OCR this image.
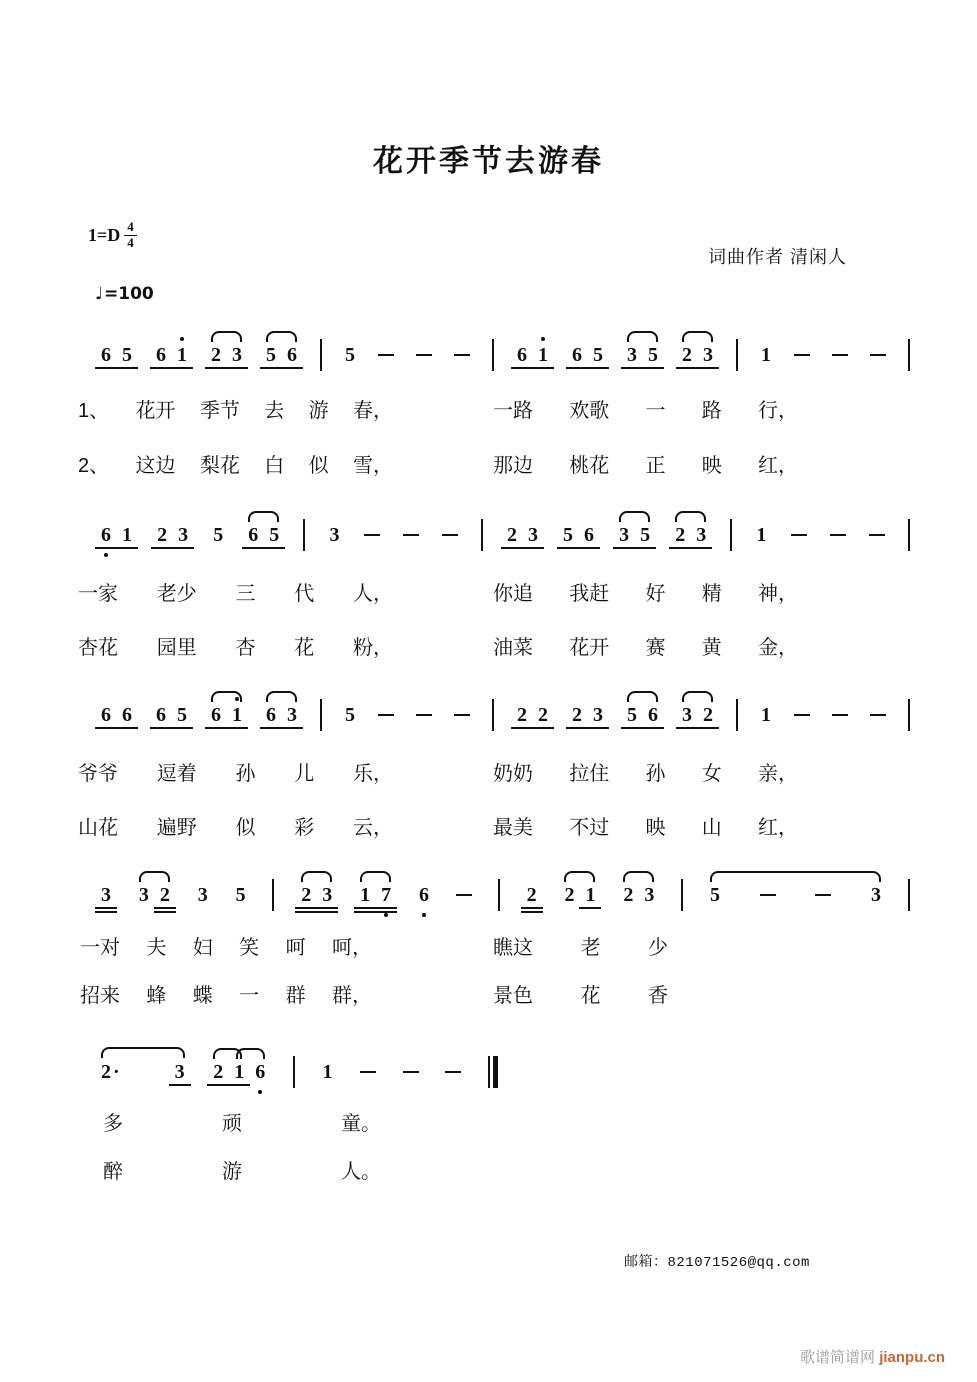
花开季节去游春
$1=D \frac{4}{4}$
词曲作者 清闲人
♩ =100
6 5 6 1 2 3 5 6 5	6 1 6 5 3 5 2 3 1
6 1 2 3 5 6 5	3	2 3 5 6 3 5 2 3	1
6 6 6 5 6 1 6 3 5	2 2 2 3 5 6 3 2 1
3 3 2 3 5	2 3 1 7 6	2 2 1 2 3	5	3
2 ·	3 2 1 6	1
1、 花开 季节 去 游 春，	一路 欢歌 一 路 行，
2、 这边 梨花 白 似 雪，	那边 桃花 正 映 红，
一家 老少 三 代 人，	你追 我赶 好 精 神，
杏花 园里 杏 花 粉，	油菜 花开 赛 黄 金，
爷爷 逗着 孙 儿 乐，	奶奶 拉住 孙 女 亲，
山花 遍野 似 彩 云，	最美 不过 映 山 红，
一对 夫 妇 笑 呵 呵，	瞧这 老 少
招来 蜂 蝶 一 群 群，	景色 花 香
多	顽	童。
醉	游	人。
邮箱：821071526@qq.com
歌谱简谱网 jianpu.cn
